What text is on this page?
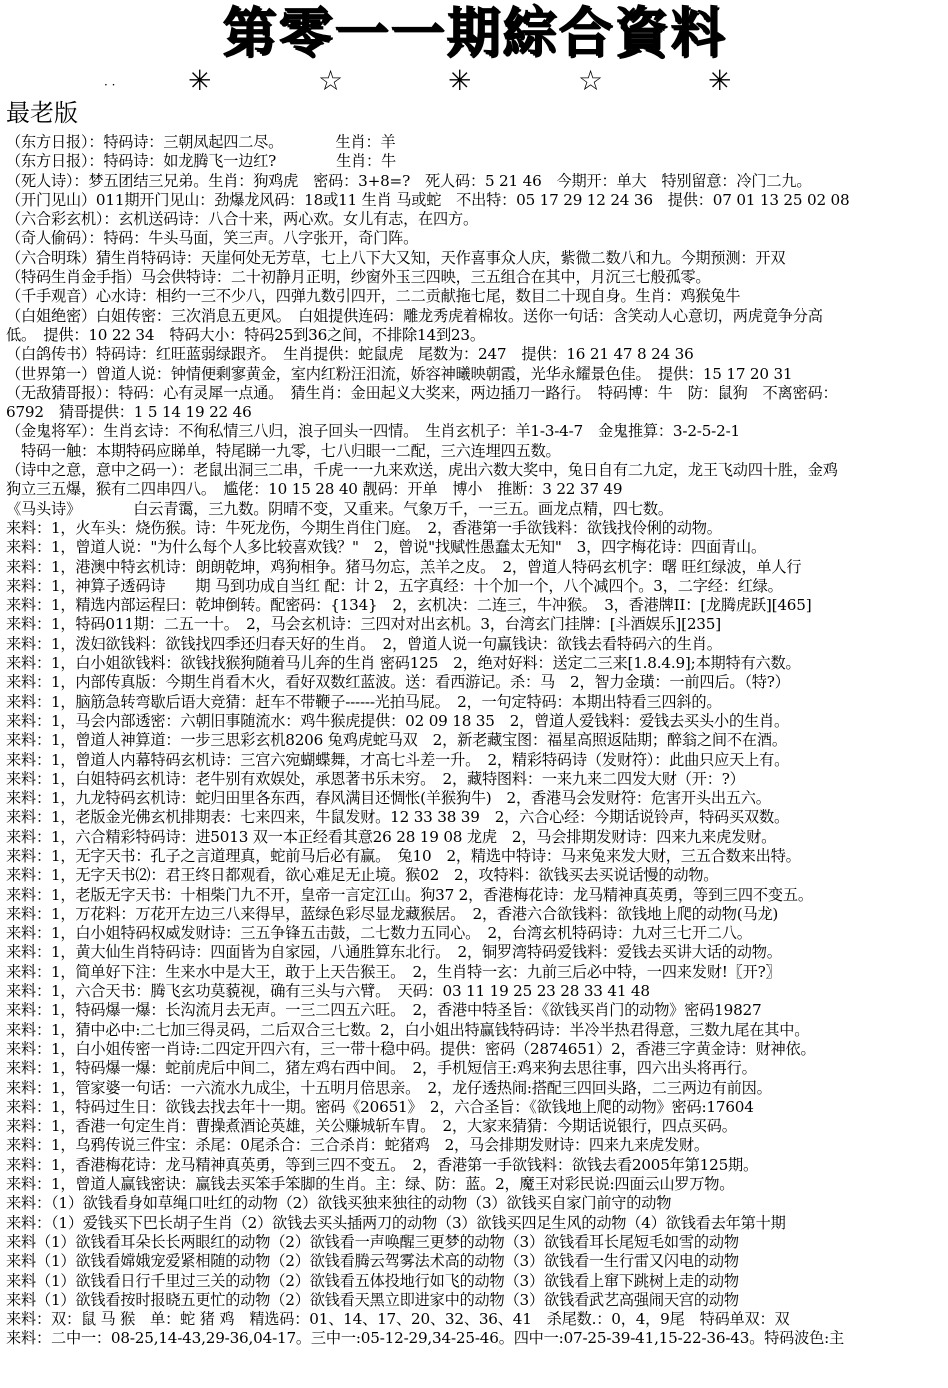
第零一一期綜合資料
· ·	✳	☆	✳	☆	✳
最老版
（东方日报）：特码诗：三朝凤起四二尽。　　　　生肖：羊
（东方日报）：特码诗：如龙腾飞一边红?　　　　生肖：牛
（死人诗）：梦五团结三兄弟。生肖：狗鸡虎　密码：3+8=?　死人码：5 21 46　今期开：单大　特别留意：冷门二九。
（开门见山）011期开门见山：劲爆龙风码：18或11 生肖 马或蛇　不出特：05 17 29 12 24 36　提供：07 01 13 25 02 08
（六合彩玄机）：玄机送码诗：八合十来，两心欢。女儿有志，在四方。
（奇人偷码）：特码：牛头马面，笑三声。八字张开，奇门阵。
（六合明珠）猜生肖特码诗：天崖何处无芳草，七上八下大又知，天作喜事众人庆，紫微二数八和九。今期预测：开双
（特码生肖金手指）马会供特诗：二十初静月正明，纱窗外玉三四映，三五组合在其中，月沉三七般孤零。
（千手观音）心水诗：相约一三不少八，四弹九数引四开，二二贡献拖七尾，数目二十现自身。生肖：鸡猴兔牛
（白姐绝密）白姐传密：三次消息五更风。　白姐提供连码：雕龙秀虎着棉妆。送你一句话：含笑动人心意切，两虎竟争分高
低。　提供：10 22 34　特码大小：特码25到36之间，不排除14到23。
（白鸽传书）特码诗：红旺蓝弱绿跟齐。　生肖提供：蛇鼠虎　尾数为：247　提供：16 21 47 8 24 36
（世界第一）曾道人说：钟情便剩寥黄金，室内红粉汪汨流，娇容神曦映朝霞，光华永耀景色佳。　提供：15 17 20 31
（无敌猜哥报）：特码：心有灵犀一点通。　猜生肖：金田起义大奖来，两边插刀一路行。　特码博：牛　防：鼠狗　不离密码：
6792　猜哥提供：1 5 14 19 22 46
（金鬼将军）：生肖玄诗：不徇私情三八归，浪子回头一四情。　生肖玄机子：羊1-3-4-7　金鬼推算：3-2-5-2-1
　特码一触：本期特码应睇单，特尾睇一九零，七八归眼一二配，三六连埋四五数。
（诗中之意，意中之码一）：老鼠出洞三二串，千虎一一九来欢送，虎出六数大奖中，兔日自有二九定，龙王飞动四十胜，金鸡
狗立三五爆，猴有二四串四八。　尴佬：10 15 28 40 靓码：开单　博小　推断：3 22 37 49
《马头诗》　　　　白云青霭，三九数。阴晴不变，又重来。气象万千，一三五。画龙点精，四七数。
来料：1，火车头：烧伤猴。诗：牛死龙伤，今期生肖住门庭。　2，香港第一手欲钱料：欲钱找伶俐的动物。
来料：1，曾道人说："为什么每个人多比较喜欢钱？"　2，曾说"找赋性愚蠢太无知"　3，四字梅花诗：四面青山。
来料：1，港澳中特玄机诗：朗朗乾坤，鸡狗相争。猪马勿忘，羔羊之皮。　2，曾道人特码玄机字：曙 旺红绿波，单人行
来料：1，神算子透码诗　　期 马到功成自当红 配：计 2，五字真经：十个加一个，八个减四个。3，二字经：红绿。
来料：1，精选内部运程曰：乾坤倒转。配密码：{134}　2，玄机决：二连三，牛冲猴。　3，香港牌II：[龙腾虎跃][465]
来料：1，特码011期：二五一十。　2，马会玄机诗：三四对对出玄机。3，台湾玄门挂牌：[斗酒娱乐][235]
来料：1，泼妇欲钱料：欲钱找四季还归春天好的生肖。　2，曾道人说一句赢钱诀：欲钱去看特码六的生肖。
来料：1，白小姐欲钱料：欲钱找猴狗随着马儿奔的生肖 密码125　2，绝对好料：送定二三来[1.8.4.9];本期特有六数。
来料：1，内部传真版：今期生肖看木火，看好双数红蓝波。送：看西游记。杀：马　2，智力金璜：一前四后。（特?）
来料：1，脑筋急转弯歇后语大竞猜：赶车不带鞭子------光拍马屁。　2，一句定特码：本期出特看三四斜的。
来料：1，马会内部透密：六朝旧事随流水：鸡牛猴虎提供：02 09 18 35　2，曾道人爱钱料：爱钱去买头小的生肖。
来料：1，曾道人神算道：一步三思彩玄机8206 兔鸡虎蛇马双　2，新老藏宝图：福星高照返陆期；醉翁之间不在酒。
来料：1，曾道人内幕特码玄机诗：三宫六宛蝴蝶舞，才高七斗差一升。　2，精彩特码诗（发财符）：此曲只应天上有。
来料：1，白姐特码玄机诗：老牛别有欢娱处，承恩著书乐未穷。　2，藏特图料：一来九来二四发大财（开：?）
来料：1，九龙特码玄机诗：蛇归田里各东西，春风满目还惆怅(羊猴狗牛)　2，香港马会发财符：危害开头出五六。
来料：1，老版金光佛玄机排期表：七来四来，牛鼠发财。12 33 38 39　2，六合心经：今期话说铃声，特码买双数。
来料：1，六合精彩特码诗：进5013 双一本正经看其意26 28 19 08 龙虎　2，马会排期发财诗：四来九来虎发财。
来料：1，无字天书：孔子之言道理真，蛇前马后必有赢。　兔10　2，精选中特诗：马来兔来发大财，三五合数来出特。
来料：1，无字天书⑵：君王终日都观看，欲心难足无止境。猴02　2，攻特料：欲钱买去买说话慢的动物。
来料：1，老版无字天书：十相柴门九不开，皇帝一言定江山。狗37 2，香港梅花诗：龙马精神真英勇，等到三四不变五。
来料：1，万花料：万花开左边三八来得早，蓝绿色彩尽显龙藏猴居。　2，香港六合欲钱料：欲钱地上爬的动物(马龙)
来料：1，白小姐特码权威发财诗：三五争锋五击鼓，二七数力五同心。　2，台湾玄机特码诗：九对三七开二八。
来料：1，黄大仙生肖特码诗：四面皆为自家园，八通胜算东北行。　2，铜罗湾特码爱钱料：爱钱去买讲大话的动物。
来料：1，简单好下注：生来水中是大王，敢于上天告猴王。　2，生肖特一玄：九前三后必中特，一四来发财!〖开?〗
来料：1，六合天书：腾飞玄功莫藐视，确有三头与六臂。　天码：03 11 19 25 23 28 33 41 48
来料：1，特码爆一爆：长沟流月去无声。一三二四五六旺。　2，香港中特圣旨：《欲钱买肖门的动物》密码19827
来料：1，猜中必中:二七加三得灵码，二后双合三七数。2，白小姐出特赢钱特码诗：半冷半热君得意，三数九尾在其中。
来料：1，白小姐传密一肖诗:二四定开四六有，三一带十稳中码。提供：密码（2874651）2，香港三字黄金诗：财神依。
来料：1，特码爆一爆：蛇前虎后中间二，猪左鸡右西中间。　2，手机短信王:鸡来狗去思往事，四六出头将再行。
来料：1，管家婆一句话：一六流水九成尘，十五明月倍思亲。　2，龙仔透热闹:搭配三四回头路，二三两边有前因。
来料：1，特码过生日：欲钱去找去年十一期。密码《20651》　2，六合圣旨：《欲钱地上爬的动物》密码:17604
来料：1，香港一句定生肖：曹操煮酒论英雄，关公赚城斩车胄。　2，大家来猜猜：今期话说银行，四点买码。
来料：1，乌鸦传说三件宝：杀尾：0尾杀合：三合杀肖：蛇猪鸡　2，马会排期发财诗：四来九来虎发财。
来料：1，香港梅花诗：龙马精神真英勇，等到三四不变五。　2，香港第一手欲钱料：欲钱去看2005年第125期。
来料：1，曾道人赢钱密诀：赢钱去买笨手笨脚的生肖。主：绿、防：蓝。2，魔王对彩民说:四面云山罗万物。
来料：（1）欲钱看身如草绳口吐红的动物（2）欲钱买独来独往的动物（3）欲钱买自家门前守的动物
来料：（1）爱钱买下巴长胡子生肖（2）欲钱去买头插两刀的动物（3）欲钱买四足生风的动物（4）欲钱看去年第十期
来料（1）欲钱看耳朵长长两眼红的动物（2）欲钱看一声唤醒三更梦的动物（3）欲钱看耳长尾短毛如雪的动物
来料（1）欲钱看嫦娥宠爱紧相随的动物（2）欲钱看腾云驾雾法术高的动物（3）欲钱看一生行雷又闪电的动物
来料（1）欲钱看日行千里过三关的动物（2）欲钱看五体投地行如飞的动物（3）欲钱看上窜下跳树上走的动物
来料（1）欲钱看按时报晓五更忙的动物（2）欲钱看天黑立即进家中的动物（3）欲钱看武艺高强闹天宫的动物
来料：双：鼠 马 猴　单：蛇 猪 鸡　精选码：01、14、17、20、32、36、41　杀尾数.：0，4，9尾　特码单双：双
来料：二中一：08-25,14-43,29-36,04-17。三中一:05-12-29,34-25-46。四中一:07-25-39-41,15-22-36-43。特码波色:主
